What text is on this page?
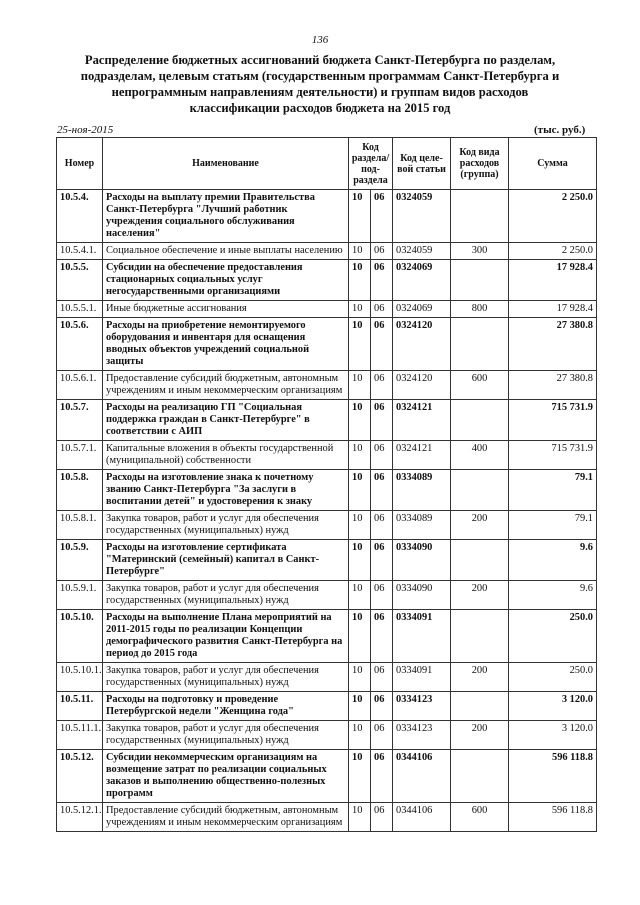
136
Распределение бюджетных ассигнований бюджета Санкт-Петербурга по разделам, подразделам, целевым статьям (государственным программам Санкт-Петербурга и непрограммным направлениям деятельности) и группам видов расходов классификации расходов бюджета на 2015 год
25-ноя-2015	(тыс. руб.)
Номер	Наименование	Код раздела/ под-раздела		Код целе-вой статьи	Код вида расходов (группа)	Сумма
10.5.4.	Расходы на выплату премии Правительства Санкт-Петербурга "Лучший работник учреждения социального обслуживания населения"	10	06	0324059		2 250.0
10.5.4.1.	Социальное обеспечение и иные выплаты населению	10	06	0324059	300	2 250.0
10.5.5.	Субсидии на обеспечение предоставления стационарных социальных услуг негосударственными организациями	10	06	0324069		17 928.4
10.5.5.1.	Иные бюджетные ассигнования	10	06	0324069	800	17 928.4
10.5.6.	Расходы на приобретение немонтируемого оборудования и инвентаря для оснащения вводных объектов учреждений социальной защиты	10	06	0324120		27 380.8
10.5.6.1.	Предоставление субсидий бюджетным, автономным учреждениям и иным некоммерческим организациям	10	06	0324120	600	27 380.8
10.5.7.	Расходы на реализацию ГП "Социальная поддержка граждан в Санкт-Петербурге" в соответствии с АИП	10	06	0324121		715 731.9
10.5.7.1.	Капитальные вложения в объекты государственной (муниципальной) собственности	10	06	0324121	400	715 731.9
10.5.8.	Расходы на изготовление знака к почетному званию Санкт-Петербурга "За заслуги в воспитании детей" и удостоверения к знаку	10	06	0334089		79.1
10.5.8.1.	Закупка товаров, работ и услуг для обеспечения государственных (муниципальных) нужд	10	06	0334089	200	79.1
10.5.9.	Расходы на изготовление сертификата "Материнский (семейный) капитал в Санкт-Петербурге"	10	06	0334090		9.6
10.5.9.1.	Закупка товаров, работ и услуг для обеспечения государственных (муниципальных) нужд	10	06	0334090	200	9.6
10.5.10.	Расходы на выполнение Плана мероприятий на 2011-2015 годы по реализации Концепции демографического развития Санкт-Петербурга на период до 2015 года	10	06	0334091		250.0
10.5.10.1.	Закупка товаров, работ и услуг для обеспечения государственных (муниципальных) нужд	10	06	0334091	200	250.0
10.5.11.	Расходы на подготовку и проведение Петербургской недели "Женщина года"	10	06	0334123		3 120.0
10.5.11.1.	Закупка товаров, работ и услуг для обеспечения государственных (муниципальных) нужд	10	06	0334123	200	3 120.0
10.5.12.	Субсидии некоммерческим организациям на возмещение затрат по реализации социальных заказов и выполнению общественно-полезных программ	10	06	0344106		596 118.8
10.5.12.1.	Предоставление субсидий бюджетным, автономным учреждениям и иным некоммерческим организациям	10	06	0344106	600	596 118.8
